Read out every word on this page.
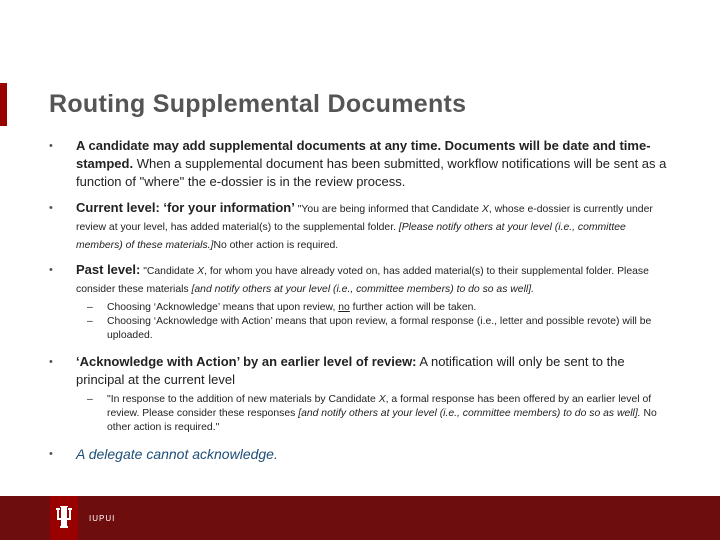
Routing Supplemental Documents
• A candidate may add supplemental documents at any time. Documents will be date and time-stamped. When a supplemental document has been submitted, workflow notifications will be sent as a function of "where" the e-dossier is in the review process.
• Current level: ‘for your information’ "You are being informed that Candidate X, whose e-dossier is currently under review at your level, has added material(s) to the supplemental folder. [Please notify others at your level (i.e., committee members) of these materials.]No other action is required.
• Past level: "Candidate X, for whom you have already voted on, has added material(s) to their supplemental folder. Please consider these materials [and notify others at your level (i.e., committee members) to do so as well].
– Choosing ‘Acknowledge’ means that upon review, no further action will be taken.
– Choosing ‘Acknowledge with Action’ means that upon review, a formal response (i.e., letter and possible revote) will be uploaded.
• ‘Acknowledge with Action’ by an earlier level of review: A notification will only be sent to the principal at the current level
– "In response to the addition of new materials by Candidate X, a formal response has been offered by an earlier level of review. Please consider these responses [and notify others at your level (i.e., committee members) to do so as well]. No other action is required."
• A delegate cannot acknowledge.
IUPUI
